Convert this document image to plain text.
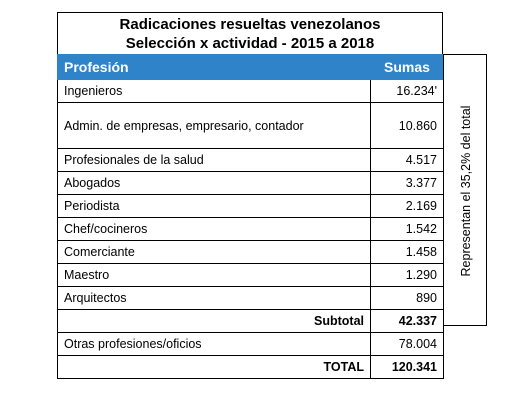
Radicaciones resueltas venezolanos
Selección x actividad - 2015 a 2018
Profesión	Sumas
Ingenieros	16.234'
Admin. de empresas, empresario, contador	10.860
Profesionales de la salud	4.517
Abogados	3.377
Periodista	2.169
Chef/cocineros	1.542
Comerciante	1.458
Maestro	1.290
Arquitectos	890
Subtotal	42.337
Otras profesiones/oficios	78.004
TOTAL	120.341
Representan el 35,2% del total
